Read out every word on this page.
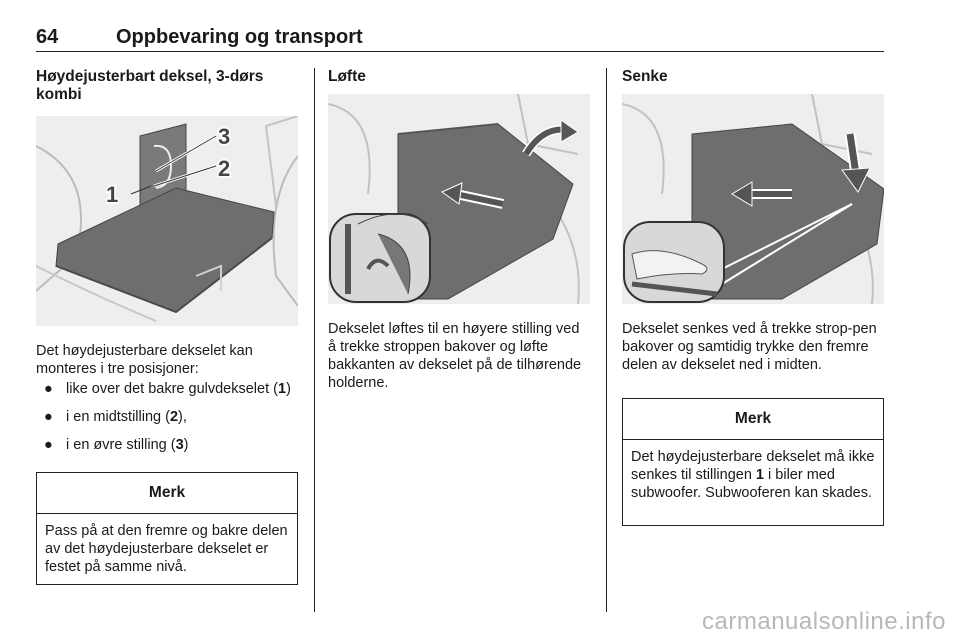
64	Oppbevaring og transport
Høydejusterbart deksel, 3-dørs kombi
1
2
3
Det høydejusterbare dekselet kan monteres i tre posisjoner:
● like over det bakre gulvdekselet (1)
● i en midtstilling (2),
● i en øvre stilling (3)
Merk
Pass på at den fremre og bakre delen av det høydejusterbare dekselet er festet på samme nivå.
Løfte
Dekselet løftes til en høyere stilling ved å trekke stroppen bakover og løfte bakkanten av dekselet på de tilhørende holderne.
Senke
Dekselet senkes ved å trekke strop-pen bakover og samtidig trykke den fremre delen av dekselet ned i midten.
Merk
Det høydejusterbare dekselet må ikke senkes til stillingen 1 i biler med subwoofer. Subwooferen kan skades.
carmanualsonline.info
